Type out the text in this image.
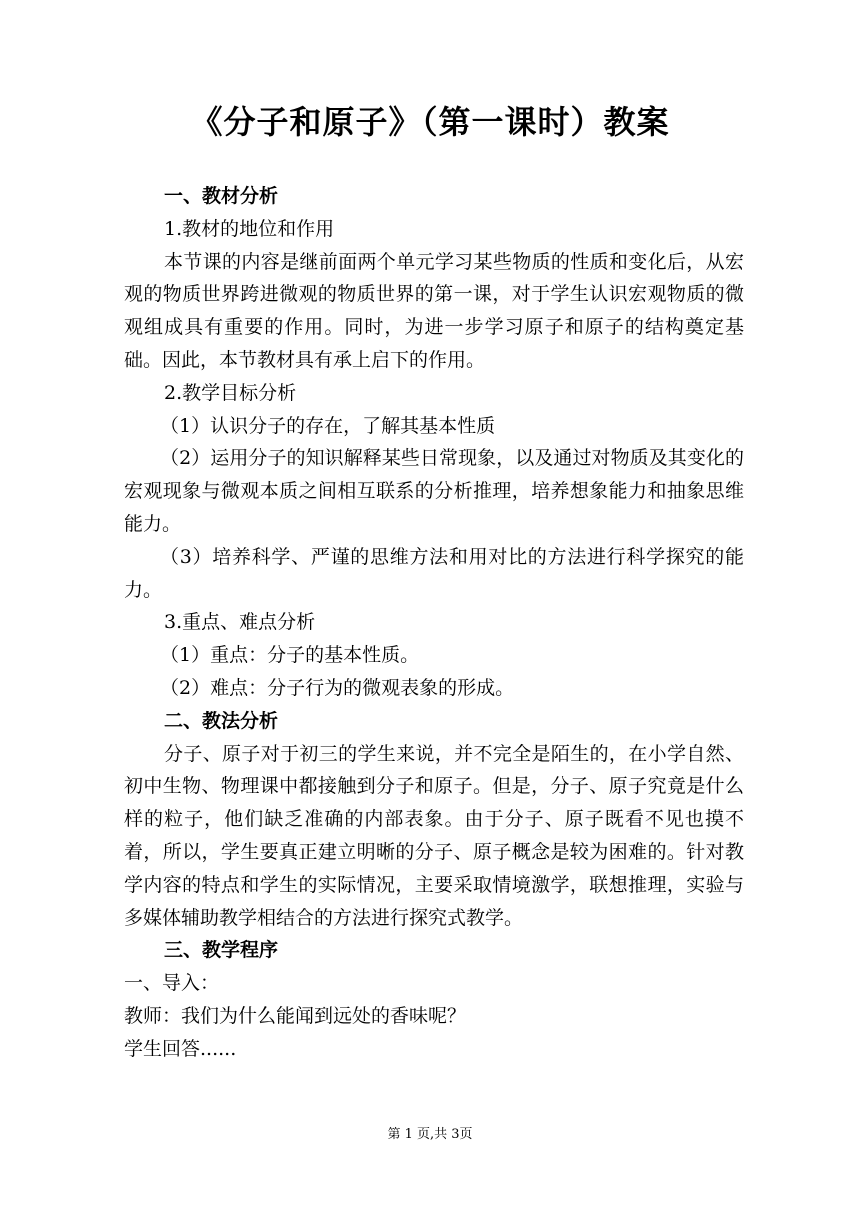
《分子和原子》（第一课时）教案

一、教材分析

1.教材的地位和作用

本节课的内容是继前面两个单元学习某些物质的性质和变化后，从宏观的物质世界跨进微观的物质世界的第一课，对于学生认识宏观物质的微观组成具有重要的作用。同时，为进一步学习原子和原子的结构奠定基础。因此，本节教材具有承上启下的作用。

2.教学目标分析

（1）认识分子的存在，了解其基本性质

（2）运用分子的知识解释某些日常现象，以及通过对物质及其变化的宏观现象与微观本质之间相互联系的分析推理，培养想象能力和抽象思维能力。

（3）培养科学、严谨的思维方法和用对比的方法进行科学探究的能力。

3.重点、难点分析

（1）重点：分子的基本性质。

（2）难点：分子行为的微观表象的形成。

二、教法分析

分子、原子对于初三的学生来说，并不完全是陌生的，在小学自然、初中生物、物理课中都接触到分子和原子。但是，分子、原子究竟是什么样的粒子，他们缺乏准确的内部表象。由于分子、原子既看不见也摸不着，所以，学生要真正建立明晰的分子、原子概念是较为困难的。针对教学内容的特点和学生的实际情况，主要采取情境激学，联想推理，实验与多媒体辅助教学相结合的方法进行探究式教学。

三、教学程序

一、导入：

教师：我们为什么能闻到远处的香味呢？

学生回答......

第 1 页,共 3页
